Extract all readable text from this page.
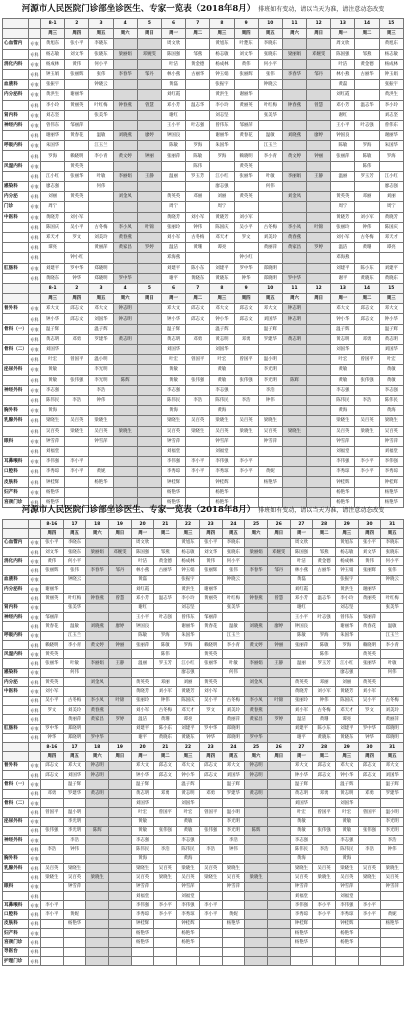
河源市人民医院门诊部坐诊医生、专家一览表（2018年8月） 排班如有变动，请以当天为准，请注意动态改变
		8-1	2	3	4	5	6	7	8	9	10	11	12	13	14	15
		周三	周四	周五	周六	周日	周一	周二	周三	周四	周五	周六	周日	周一	周二	周三
心血管内	专家	黄旭东	张小平	李晓东			周文欣		黄旭东	叶楚东	李晓东			周文欣		黄旭东
	专科	杨志敏	刘文华	张晓东	梁丽娟	邓婉雯	陈国强	邹燕	杨志敏	刘文华	张晓东	梁丽娟	邓婉雯	陈国强	邹燕	杨志敏
消化内科	专家	杨成林	黄伟	何小平			叶洁	黄金德	杨成林	黄伟	何小平			叶洁	黄金德	杨成林
	专科	钟玉娟	张丽辉	张伟	李春华	邹丹	林小燕	古丽华	钟玉娟	张丽辉	张伟	李春华	邹丹	林小燕	古丽华	钟玉娟
血液科	专家	张振宇		钟晓云			黄磊		张振宇		钟晓云			黄磊		张振宇
内分泌科	专家	黄洪生	谢丽华				刘红霞		黄洪生	谢丽华				刘红霞		黄洪生
	专科	李小玲	黄丽英	叶红梅	钟春燕	曾慧	邓小芳	温志华	李小玲	黄丽英	叶红梅	钟春燕	曾慧	邓小芳	温志华	李小玲
肾内科	专家	刘志坚		张美华			谢红		刘志坚		张美华			谢红		刘志坚
神经内科	专家	曾伟东	邹丽萍				王小平	叶志强	曾伟东	邹丽萍				王小平	叶志强	曾伟东
	专科	谢丽华	黄春花	温敏	刘晓燕	廖婷	钟国良		谢丽华	黄春花	温敏	刘晓燕	廖婷	钟国良		谢丽华
呼吸内科	专家	朱国华		江玉兰			陈敏	罗海	朱国华		江玉兰			陈敏	罗海	朱国华
	专科	罗海	赖晓明	李小青	黄文婷	钟丽	张丽萍	陈敏	罗海	赖晓明	李小青	黄文婷	钟丽	张丽萍	陈敏	罗海
风湿内科	专家		黄英英					陈伟		黄英英					陈伟	
	专科	江小红	张丽华	叶敏	李丽娟	王静	温丽	罗玉芳	江小红	张丽华	叶敏	李丽娟	王静	温丽	罗玉芳	江小红
感染科	专家	廖志强		何伟					廖志强		何伟					廖志强
内分泌	专科	刘丽	黄英英		刘金凤		黄英英	邓丽	刘丽	黄英英		刘金凤		黄英英	邓丽	刘丽
门诊	专家	周宁					周宁		周宁					周宁		周宁
中医科	专家	黄晓芳	刘小军				黄晓芳	刘小军	黄晓芳	刘小军				黄晓芳	刘小军	黄晓芳
	专科	陈国庆	吴小平	古冬梅	李小凤	叶锦	张丽玲	钟伟	陈国庆	吴小平	古冬梅	李小凤	叶锦	张丽玲	钟伟	陈国庆
	专科	邓天才	罗文	刘美玲	黄春燕		刘小军	古冬梅	邓天才	罗文	刘美玲	黄春燕		刘小军	古冬梅	邓天才
	专科	谭亮		黄丽萍	黄家昌	罗婷	温洁	黄珊	谭亮		黄丽萍	黄家昌	罗婷	温洁	黄珊	谭亮
	专科		钟小红				邓海燕			钟小红				邓海燕		
肛肠科	专家	刘建平	罗中华	郑晓明			刘建平	陈小东	刘建平	罗中华	郑晓明			刘建平	陈小东	刘建平
	专科	黄晓东	钟华	郑晓明	罗中华		谢平	黄晓东	黄晓东	钟华	郑晓明	罗中华		谢平	黄晓东	黄晓东
		8-1	2	3	4	5	6	7	8	9	10	11	12	13	14	15
		周三	周四	周五	周六	周日	周一	周二	周三	周四	周五	周六	周日	周一	周二	周三
普外科	专家	邓大文	邱志文	邓大文	钟志明		邓大文	邱志文	邓大文	邱志文	邓大文	钟志明		邓大文	邱志文	邓大文
	专科	钟小华	邱志文	刘国华	钟志明		钟小华	邱志文	钟小华	邱志文	刘国华	钟志明		钟小华	邱志文	钟小华
骨科（一）	专家	温子辉		温子辉			温子辉		温子辉		温子辉			温子辉		温子辉
	专科	黄志明	邓勇	罗建华	黄志明		黄志明	邓勇	黄志明	邓勇	罗建华	黄志明		黄志明	邓勇	黄志明
骨科（二）	专家	刘国华					刘国华		刘国华					刘国华		刘国华
	专科	叶宏	曾国平	温小明			叶宏	曾国平	叶宏	曾国平	温小明			叶宏	曾国平	叶宏
泌尿外科	专家	黄敏		李光明			黄敏		黄敏		李光明			黄敏		黄敏
	专科	黄敏	张伟强	李光明	陈辉		黄敏	张伟强	黄敏	张伟强	李光明	陈辉		黄敏	张伟强	黄敏
神经外科	专家	李志强		李浩			李志强		李志强		李浩			李志强		李志强
	专科	陈伟民	李浩	钟伟			陈伟民	李浩	陈伟民	李浩	钟伟			陈伟民	李浩	陈伟民
胸外科	专家	黄海					黄海		黄海					黄海		黄海
乳腺外科	专科	梁晓生	吴百英	梁晓生			梁晓生	吴百英	梁晓生	吴百英	梁晓生			梁晓生	吴百英	梁晓生
	专科	吴百英	梁晓生	吴百英	梁晓生		吴百英	梁晓生	吴百英	梁晓生	吴百英	梁晓生		吴百英	梁晓生	吴百英
眼科	专家	钟雪萍		钟雪萍			钟雪萍		钟雪萍		钟雪萍			钟雪萍		钟雪萍
	专科	刘福堂					刘福堂		刘福堂					刘福堂		刘福堂
耳鼻喉科	专家	李伟强	李小平				李伟强	李小平	李伟强	李小平				李伟强	李小平	李伟强
口腔科	专科	李秀琼	李小平	黄妮			李秀琼	李小平	李秀琼	李小平	黄妮			李秀琼	李小平	李秀琼
皮肤科	专科	钟桂辉		杨艳华			钟桂辉		钟桂辉		杨艳华			钟桂辉		钟桂辉
妇产科	专家	杨艳华					杨艳华		杨艳华					杨艳华		杨艳华
宫颈门诊	专科	杨艳华					杨艳华		杨艳华					杨艳华		杨艳华
河源市人民医院门诊部坐诊医生、专家一览表（2018年8月） 排班如有变动，请以当天为准，请注意动态改变
		8-16	17	18	19	20	21	22	23	24	25	26	27	28	29	30	31
		周四	周五	周六	周日	周一	周二	周三	周四	周五	周六	周日	周一	周二	周三	周四	周五
心血管内	专家	张小平	李晓东			周文欣		黄旭东	张小平	李晓东			周文欣		黄旭东	张小平	李晓东
	专科	刘文华	张晓东	梁丽娟	邓婉雯	陈国强	邹燕	杨志敏	刘文华	张晓东	梁丽娟	邓婉雯	陈国强	邹燕	杨志敏	刘文华	张晓东
消化内科	专家	黄伟	何小平			叶洁	黄金德	杨成林	黄伟	何小平			叶洁	黄金德	杨成林	黄伟	何小平
	专科	张丽辉	张伟	李春华	邹丹	林小燕	古丽华	钟玉娟	张丽辉	张伟	李春华	邹丹	林小燕	古丽华	钟玉娟	张丽辉	张伟
血液科	专家		钟晓云			黄磊		张振宇		钟晓云			黄磊		张振宇		钟晓云
内分泌科	专家	谢丽华				刘红霞		黄洪生	谢丽华				刘红霞		黄洪生	谢丽华	
	专科	黄丽英	叶红梅	钟春燕	曾慧	邓小芳	温志华	李小玲	黄丽英	叶红梅	钟春燕	曾慧	邓小芳	温志华	李小玲	黄丽英	叶红梅
肾内科	专家		张美华			谢红		刘志坚		张美华			谢红		刘志坚		张美华
神经内科	专家	邹丽萍				王小平	叶志强	曾伟东	邹丽萍				王小平	叶志强	曾伟东	邹丽萍	
	专科	黄春花	温敏	刘晓燕	廖婷	钟国良		谢丽华	黄春花	温敏	刘晓燕	廖婷	钟国良		谢丽华	黄春花	温敏
呼吸内科	专家		江玉兰			陈敏	罗海	朱国华		江玉兰			陈敏	罗海	朱国华		江玉兰
	专科	赖晓明	李小青	黄文婷	钟丽	张丽萍	陈敏	罗海	赖晓明	李小青	黄文婷	钟丽	张丽萍	陈敏	罗海	赖晓明	李小青
风湿内科	专家	黄英英					陈伟		黄英英					陈伟		黄英英	
	专科	张丽华	叶敏	李丽娟	王静	温丽	罗玉芳	江小红	张丽华	叶敏	李丽娟	王静	温丽	罗玉芳	江小红	张丽华	叶敏
感染科	专家		何伟					廖志强		何伟					廖志强		何伟
内分泌	专科	黄英英		刘金凤		黄英英	邓丽	刘丽	黄英英		刘金凤		黄英英	邓丽	刘丽	黄英英	
中医科	专家	刘小军				黄晓芳	刘小军	黄晓芳	刘小军				黄晓芳	刘小军	黄晓芳	刘小军	
	专科	吴小平	古冬梅	李小凤	叶锦	张丽玲	钟伟	陈国庆	吴小平	古冬梅	李小凤	叶锦	张丽玲	钟伟	陈国庆	吴小平	古冬梅
	专科	罗文	刘美玲	黄春燕		刘小军	古冬梅	邓天才	罗文	刘美玲	黄春燕		刘小军	古冬梅	邓天才	罗文	刘美玲
	专科		黄丽萍	黄家昌	罗婷	温洁	黄珊	谭亮		黄丽萍	黄家昌	罗婷	温洁	黄珊	谭亮		黄丽萍
肛肠科	专家	罗中华	郑晓明			刘建平	陈小东	刘建平	罗中华	郑晓明			刘建平	陈小东	刘建平	罗中华	郑晓明
	专科	钟华	郑晓明	罗中华		谢平	黄晓东	黄晓东	钟华	郑晓明	罗中华		谢平	黄晓东	黄晓东	钟华	郑晓明
		8-16	17	18	19	20	21	22	23	24	25	26	27	28	29	30	31
		周四	周五	周六	周日	周一	周二	周三	周四	周五	周六	周日	周一	周二	周三	周四	周五
普外科	专家	邱志文	邓大文	钟志明		邓大文	邱志文	邓大文	邱志文	邓大文	钟志明		邓大文	邱志文	邓大文	邱志文	邓大文
	专科	邱志文	刘国华	钟志明		钟小华	邱志文	钟小华	邱志文	刘国华	钟志明		钟小华	邱志文	钟小华	邱志文	刘国华
骨科（一）	专家		温子辉			温子辉		温子辉		温子辉			温子辉		温子辉		温子辉
	专科	邓勇	罗建华	黄志明		黄志明	邓勇	黄志明	邓勇	罗建华	黄志明		黄志明	邓勇	黄志明	邓勇	罗建华
骨科（二）	专家					刘国华		刘国华					刘国华		刘国华		
	专科	曾国平	温小明			叶宏	曾国平	叶宏	曾国平	温小明			叶宏	曾国平	叶宏	曾国平	温小明
泌尿外科	专家		李光明			黄敏		黄敏		李光明			黄敏		黄敏		李光明
	专科	张伟强	李光明	陈辉		黄敏	张伟强	黄敏	张伟强	李光明	陈辉		黄敏	张伟强	黄敏	张伟强	李光明
神经外科	专家		李浩			李志强		李志强		李浩			李志强		李志强		李浩
	专科	李浩	钟伟			陈伟民	李浩	陈伟民	李浩	钟伟			陈伟民	李浩	陈伟民	李浩	钟伟
胸外科	专家					黄海		黄海					黄海		黄海		
乳腺外科	专科	吴百英	梁晓生			梁晓生	吴百英	梁晓生	吴百英	梁晓生			梁晓生	吴百英	梁晓生	吴百英	梁晓生
	专科	梁晓生	吴百英	梁晓生		吴百英	梁晓生	吴百英	梁晓生	吴百英	梁晓生		吴百英	梁晓生	吴百英	梁晓生	吴百英
眼科	专家		钟雪萍			钟雪萍		钟雪萍		钟雪萍			钟雪萍		钟雪萍		钟雪萍
	专科					刘福堂		刘福堂					刘福堂		刘福堂		
耳鼻喉科	专家	李小平				李伟强	李小平	李伟强	李小平				李伟强	李小平	李伟强	李小平	
口腔科	专科	李小平	黄妮			李秀琼	李小平	李秀琼	李小平	黄妮			李秀琼	李小平	李秀琼	李小平	黄妮
皮肤科	专科		杨艳华			钟桂辉		钟桂辉		杨艳华			钟桂辉		钟桂辉		杨艳华
妇产科	专家					杨艳华		杨艳华					杨艳华		杨艳华		
宫颈门诊	专科					杨艳华		杨艳华					杨艳华		杨艳华		
导医台	专科																
护理门诊	专科																
